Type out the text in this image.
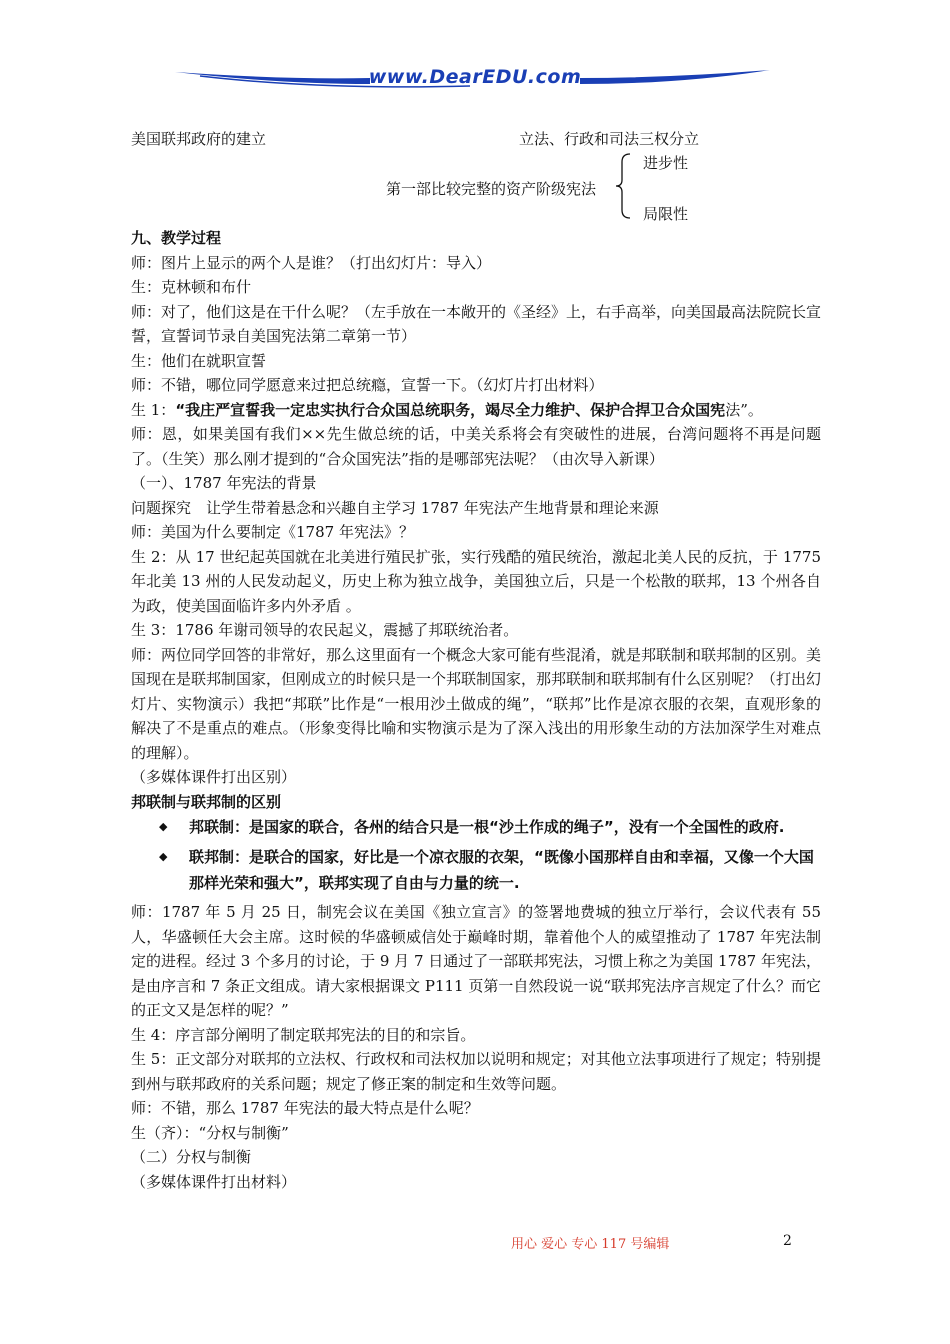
www.DearEDU.com
美国联邦政府的建立	立法、行政和司法三权分立
第一部比较完整的资产阶级宪法
进步性
局限性

九、教学过程

师：图片上显示的两个人是谁？（打出幻灯片：导入）

生：克林顿和布什

师：对了，他们这是在干什么呢？（左手放在一本敞开的《圣经》上，右手高举，向美国最高法院院长宣誓，宣誓词节录自美国宪法第二章第一节）

生：他们在就职宣誓

师：不错，哪位同学愿意来过把总统瘾，宣誓一下。（幻灯片打出材料）

生 1：“我庄严宣誓我一定忠实执行合众国总统职务，竭尽全力维护、保护合捍卫合众国宪法”。

师：恩，如果美国有我们××先生做总统的话，中美关系将会有突破性的进展，台湾问题将不再是问题了。（生笑）那么刚才提到的“合众国宪法”指的是哪部宪法呢？（由次导入新课）

（一）、1787 年宪法的背景

问题探究　让学生带着悬念和兴趣自主学习 1787 年宪法产生地背景和理论来源

师：美国为什么要制定《1787 年宪法》？

生 2：从 17 世纪起英国就在北美进行殖民扩张，实行残酷的殖民统治，激起北美人民的反抗，于 1775 年北美 13 州的人民发动起义，历史上称为独立战争，美国独立后，只是一个松散的联邦，13 个州各自为政，使美国面临许多内外矛盾 。

生 3：1786 年谢司领导的农民起义，震撼了邦联统治者。

师：两位同学回答的非常好，那么这里面有一个概念大家可能有些混淆，就是邦联制和联邦制的区别。美国现在是联邦制国家，但刚成立的时候只是一个邦联制国家，那邦联制和联邦制有什么区别呢？（打出幻灯片、实物演示）我把“邦联”比作是“一根用沙土做成的绳”，“联邦”比作是凉衣服的衣架，直观形象的解决了不是重点的难点。（形象变得比喻和实物演示是为了深入浅出的用形象生动的方法加深学生对难点的理解）。

（多媒体课件打出区别）

邦联制与联邦制的区别

◆ 邦联制：是国家的联合，各州的结合只是一根“沙土作成的绳子”，没有一个全国性的政府.
◆ 联邦制：是联合的国家，好比是一个凉衣服的衣架，“既像小国那样自由和幸福，又像一个大国那样光荣和强大”，联邦实现了自由与力量的统一.

师：1787 年 5 月 25 日，制宪会议在美国《独立宣言》的签署地费城的独立厅举行，会议代表有 55 人，华盛顿任大会主席。这时候的华盛顿威信处于巅峰时期，靠着他个人的威望推动了 1787 年宪法制定的进程。经过 3 个多月的讨论，于 9 月 7 日通过了一部联邦宪法，习惯上称之为美国 1787 年宪法，是由序言和 7 条正文组成。请大家根据课文 P111 页第一自然段说一说“联邦宪法序言规定了什么？而它的正文又是怎样的呢？”

生 4：序言部分阐明了制定联邦宪法的目的和宗旨。

生 5：正文部分对联邦的立法权、行政权和司法权加以说明和规定；对其他立法事项进行了规定；特别提到州与联邦政府的关系问题；规定了修正案的制定和生效等问题。

师：不错，那么 1787 年宪法的最大特点是什么呢？

生（齐）：“分权与制衡”

（二）分权与制衡

（多媒体课件打出材料）

用心 爱心 专心 117 号编辑	2
